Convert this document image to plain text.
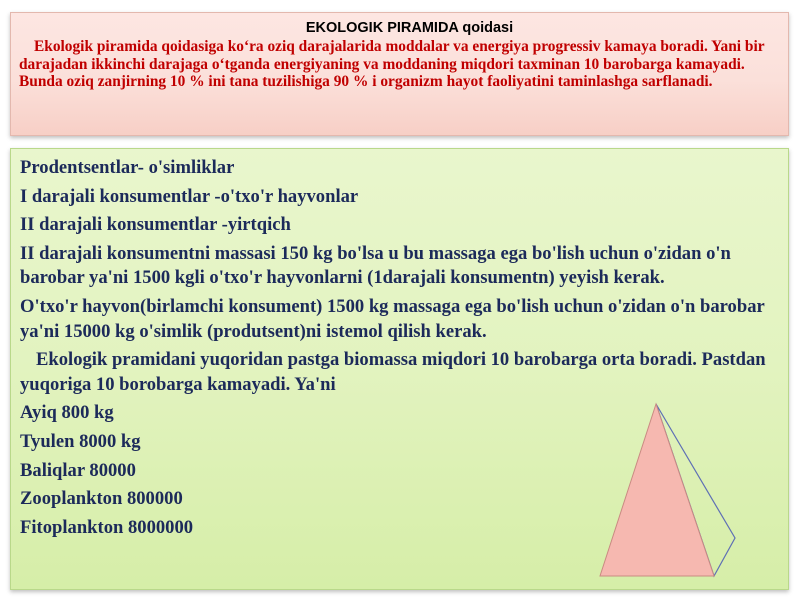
EKOLOGIK PIRAMIDA qoidasi
Ekologik piramida qoidasiga ko‘ra oziq darajalarida moddalar va energiya progressiv kamaya boradi. Yani bir darajadan ikkinchi darajaga o‘tganda energiyaning va moddaning miqdori taxminan 10 barobarga kamayadi. Bunda oziq zanjirning 10 % ini tana tuzilishiga 90 % i organizm hayot faoliyatini taminlashga sarflanadi.

Prodentsentlar- o'simliklar

I darajali konsumentlar -o'txo'r hayvonlar

II darajali konsumentlar -yirtqich

II darajali konsumentni massasi 150 kg bo'lsa u bu massaga ega bo'lish uchun o'zidan o'n barobar ya'ni 1500 kgli o'txo'r hayvonlarni (1darajali konsumentn) yeyish kerak.

O'txo'r hayvon(birlamchi konsument) 1500 kg massaga ega bo'lish uchun o'zidan o'n barobar ya'ni 15000 kg o'simlik (produtsent)ni istemol qilish kerak.

Ekologik pramidani yuqoridan pastga biomassa miqdori 10 barobarga orta boradi. Pastdan yuqoriga 10 borobarga kamayadi. Ya'ni

Ayiq 800 kg

Tyulen 8000 kg

Baliqlar 80000

Zooplankton 800000

Fitoplankton 8000000
